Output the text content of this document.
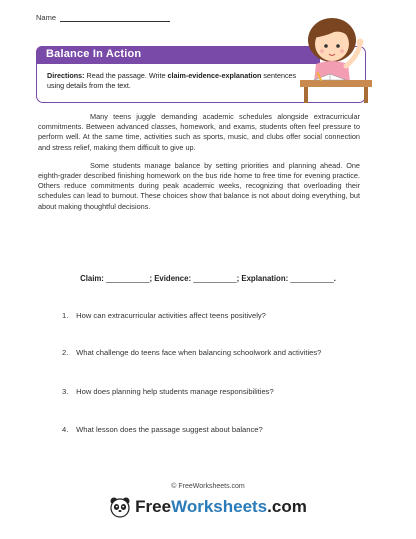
Name
Balance In Action
Directions: Read the passage. Write claim-evidence-explanation sentences using details from the text.

Many teens juggle demanding academic schedules alongside extracurricular commitments. Between advanced classes, homework, and exams, students often feel pressure to perform well. At the same time, activities such as sports, music, and clubs offer social connection and stress relief, making them difficult to give up.

Some students manage balance by setting priorities and planning ahead. One eighth-grader described finishing homework on the bus ride home to free time for evening practice. Others reduce commitments during peak academic weeks, recognizing that overloading their schedules can lead to burnout. These choices show that balance is not about doing everything, but about making thoughtful decisions.

Claim: __________; Evidence: __________; Explanation: __________.
1. How can extracurricular activities affect teens positively?
2. What challenge do teens face when balancing schoolwork and activities?
3. How does planning help students manage responsibilities?
4. What lesson does the passage suggest about balance?
© FreeWorksheets.com
FreeWorksheets.com
